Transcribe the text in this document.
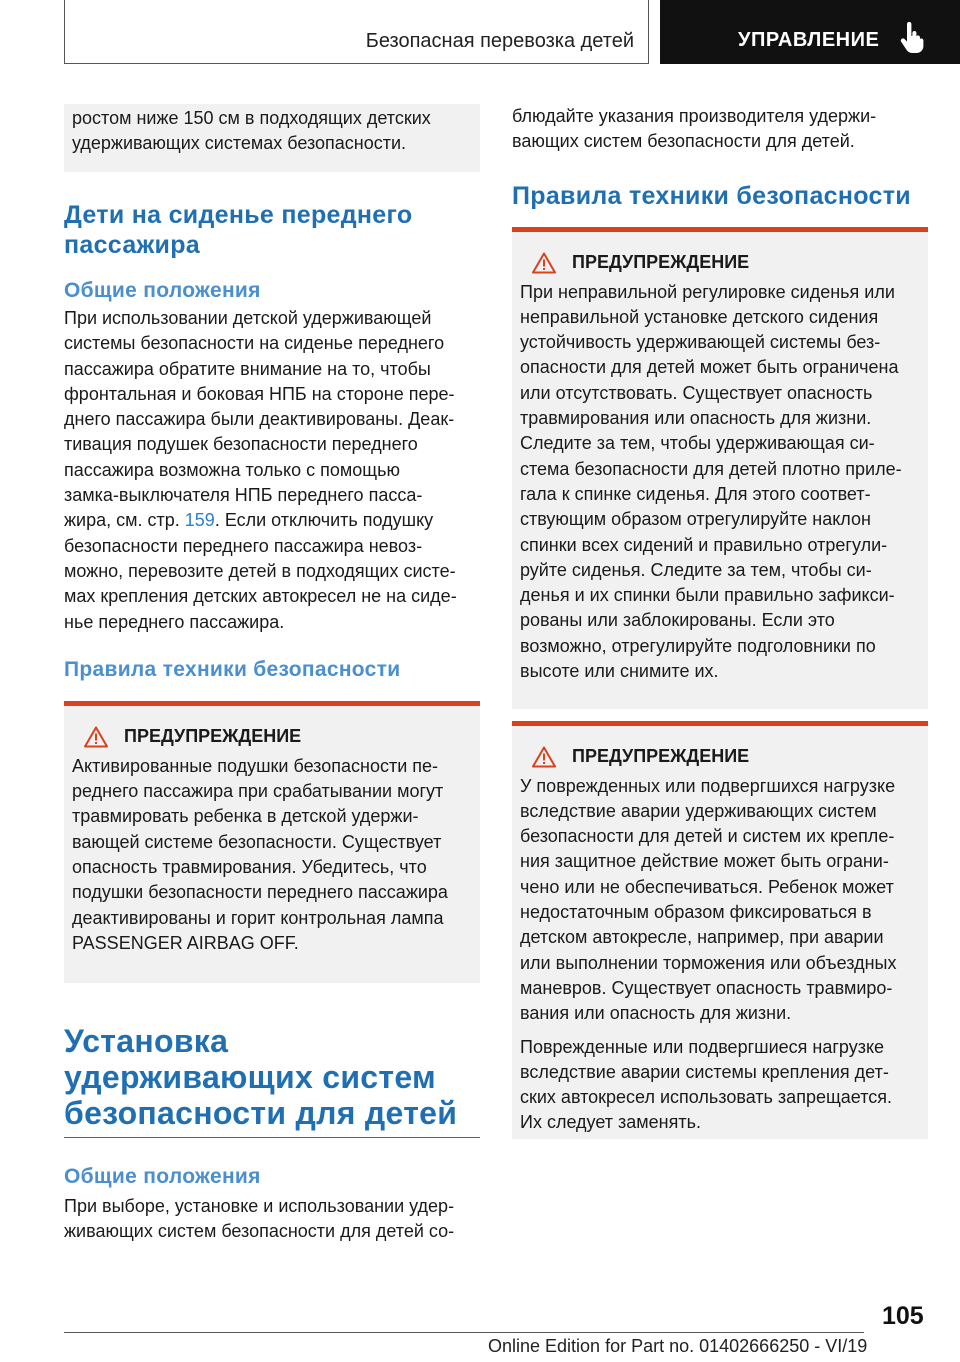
Безопасная перевозка детей	УПРАВЛЕНИЕ

ростом ниже 150 см в подходящих детских

удерживающих системах безопасности.

Дети на сиденье переднего
пассажира
Общие положения

При использовании детской удерживающей

системы безопасности на сиденье переднего

пассажира обратите внимание на то, чтобы

фронтальная и боковая НПБ на стороне пере-

днего пассажира были деактивированы. Деак-

тивация подушек безопасности переднего

пассажира возможна только с помощью

замка-выключателя НПБ переднего пасса-

жира, см. стр. 159. Если отключить подушку

безопасности переднего пассажира невоз-

можно, перевозите детей в подходящих систе-

мах крепления детских автокресел не на сиде-

нье переднего пассажира.

Правила техники безопасности
ПРЕДУПРЕЖДЕНИЕ

Активированные подушки безопасности пе-

реднего пассажира при срабатывании могут

травмировать ребенка в детской удержи-

вающей системе безопасности. Существует

опасность травмирования. Убедитесь, что

подушки безопасности переднего пассажира

деактивированы и горит контрольная лампа

PASSENGER AIRBAG OFF.

Установка
удерживающих систем
безопасности для детей
Общие положения

При выборе, установке и использовании удер-

живающих систем безопасности для детей со-

блюдайте указания производителя удержи-

вающих систем безопасности для детей.

Правила техники безопасности
ПРЕДУПРЕЖДЕНИЕ

При неправильной регулировке сиденья или

неправильной установке детского сидения

устойчивость удерживающей системы без-

опасности для детей может быть ограничена

или отсутствовать. Существует опасность

травмирования или опасность для жизни.

Следите за тем, чтобы удерживающая си-

стема безопасности для детей плотно приле-

гала к спинке сиденья. Для этого соответ-

ствующим образом отрегулируйте наклон

спинки всех сидений и правильно отрегули-

руйте сиденья. Следите за тем, чтобы си-

денья и их спинки были правильно зафикси-

рованы или заблокированы. Если это

возможно, отрегулируйте подголовники по

высоте или снимите их.

ПРЕДУПРЕЖДЕНИЕ

У поврежденных или подвергшихся нагрузке

вследствие аварии удерживающих систем

безопасности для детей и систем их крепле-

ния защитное действие может быть ограни-

чено или не обеспечиваться. Ребенок может

недостаточным образом фиксироваться в

детском автокресле, например, при аварии

или выполнении торможения или объездных

маневров. Существует опасность травмиро-

вания или опасность для жизни.

Поврежденные или подвергшиеся нагрузке

вследствие аварии системы крепления дет-

ских автокресел использовать запрещается.

Их следует заменять.

105
Online Edition for Part no. 01402666250 - VI/19
